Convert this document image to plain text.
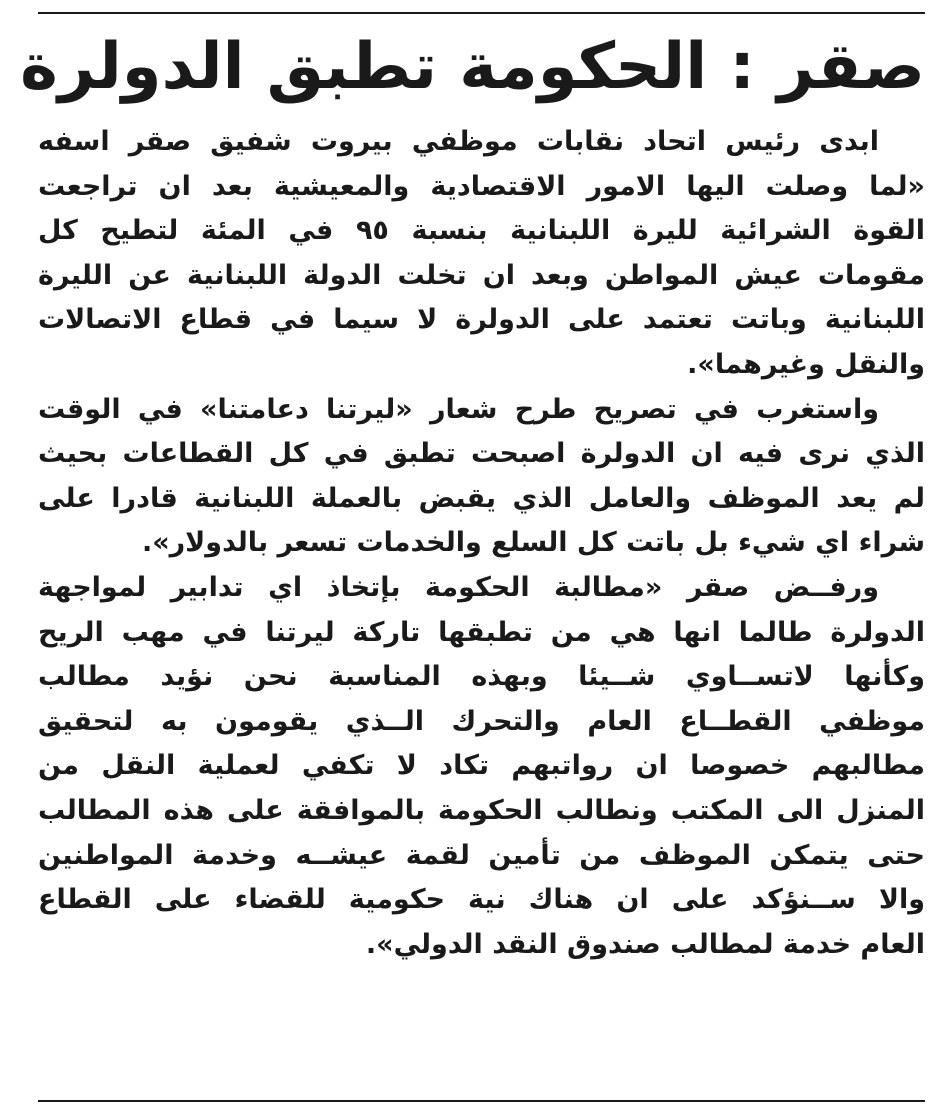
صقر : الحكومة تطبق الدولرة
ابدى رئيس اتحاد نقابات موظفي بيروت شفيق صقر اسفه
«لما وصلت اليها الامور الاقتصادية والمعيشية بعد ان تراجعت
القوة الشرائية لليرة اللبنانية بنسبة ٩٥ في المئة لتطيح كل
مقومات عيش المواطن وبعد ان تخلت الدولة اللبنانية عن الليرة
اللبنانية وباتت تعتمد على الدولرة لا سيما في قطاع الاتصالات
والنقل وغيرهما».
واستغرب في تصريح طرح شعار «ليرتنا دعامتنا» في الوقت
الذي نرى فيه ان الدولرة اصبحت تطبق في كل القطاعات بحيث
لم يعد الموظف والعامل الذي يقبض بالعملة اللبنانية قادرا على
شراء اي شيء بل باتت كل السلع والخدمات تسعر بالدولار».
ورفــض صقر «مطالبة الحكومة بإتخاذ اي تدابير لمواجهة
الدولرة طالما انها هي من تطبقها تاركة ليرتنا في مهب الريح
وكأنها لاتســاوي شــيئا وبهذه المناسبة نحن نؤيد مطالب
موظفي القطــاع العام والتحرك الــذي يقومون به لتحقيق
مطالبهم خصوصا ان رواتبهم تكاد لا تكفي لعملية النقل من
المنزل الى المكتب ونطالب الحكومة بالموافقة على هذه المطالب
حتى يتمكن الموظف من تأمين لقمة عيشــه وخدمة المواطنين
والا ســنؤكد على ان هناك نية حكومية للقضاء على القطاع
العام خدمة لمطالب صندوق النقد الدولي».
